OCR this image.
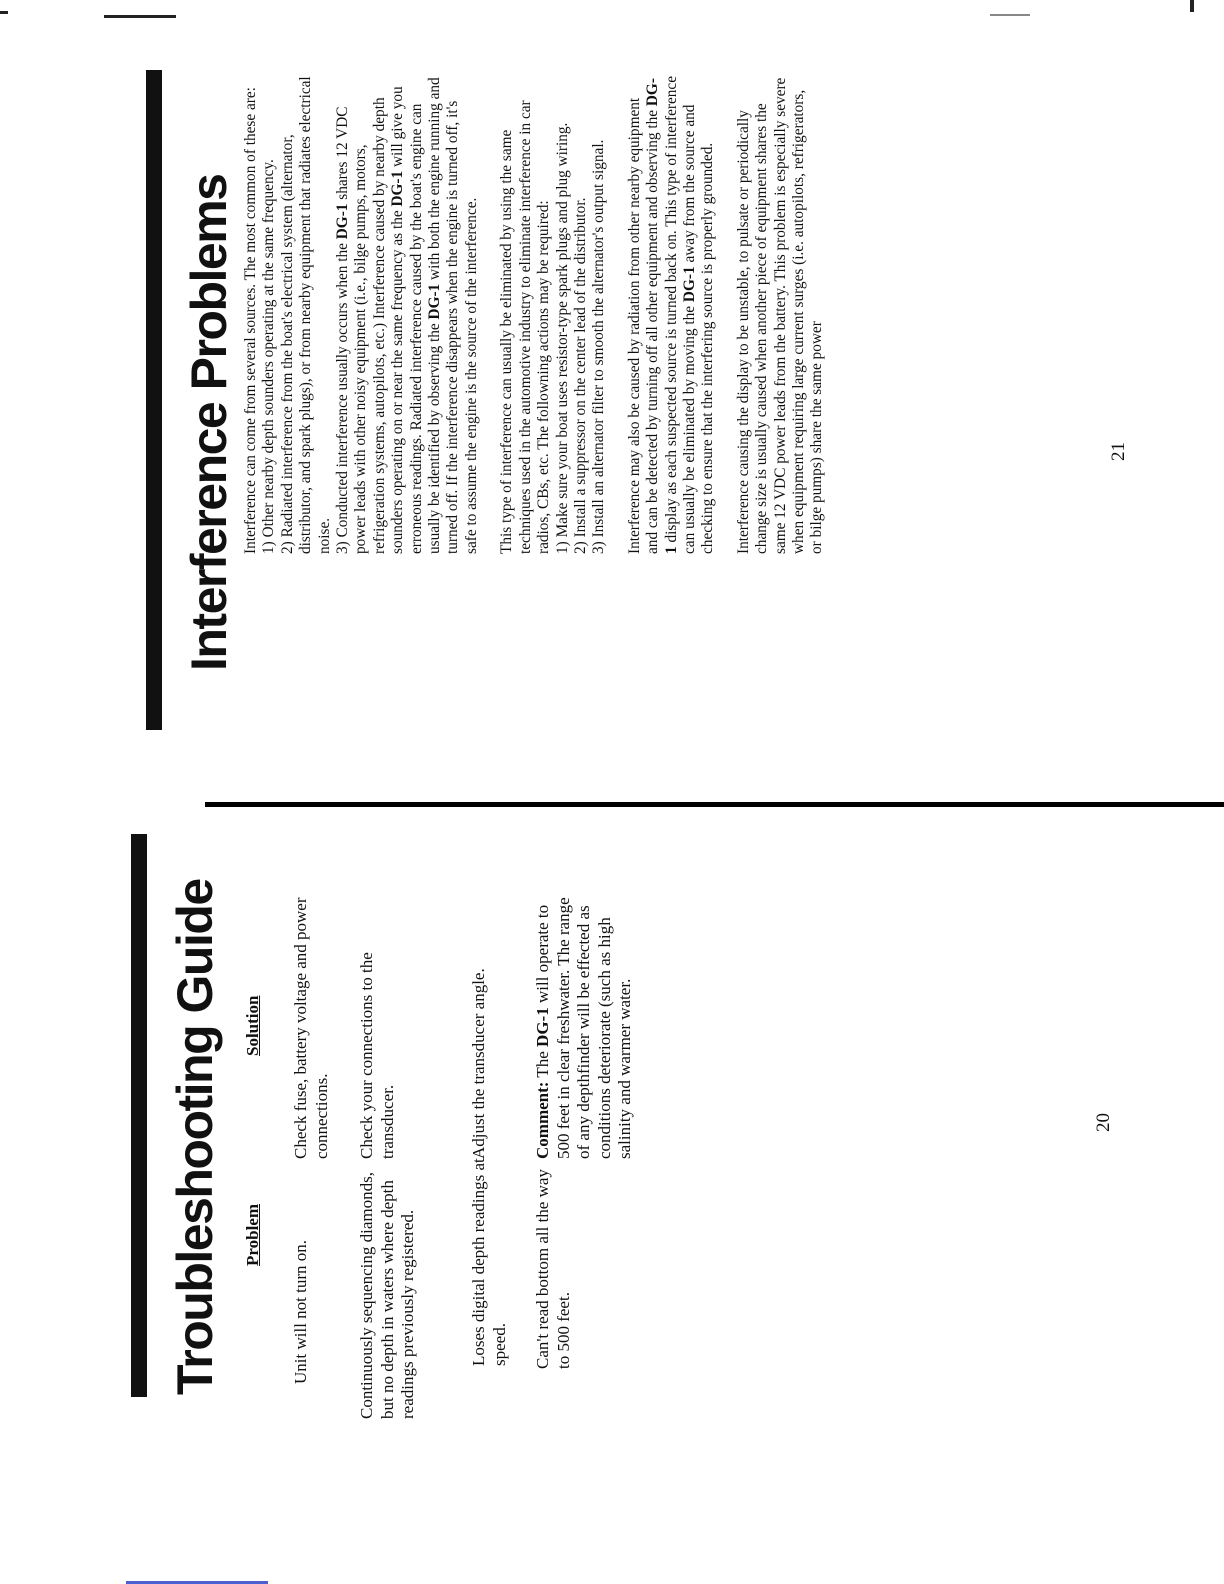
Troubleshooting Guide Problem
Solution
Unit will not turn on.
Check fuse, battery voltage and power connections.
Continuously sequencing diamonds, but no depth in waters where depth readings previously registered.
Check your connections to the transducer.
Loses digital depth readings at speed.
Adjust the transducer angle.
Can't read bottom all the way to 500 feet.
Comment: The DG-1 will operate to 500 feet in clear freshwater. The range of any depthfinder will be effected as conditions deteriorate (such as high salinity and warmer water.	20
Interference Problems Interference can come from several sources. The most common of these are: 1) Other nearby depth sounders operating at the same frequency. 2) Radiated interference from the boat's electrical system (alternator, distributor, and spark plugs), or from nearby equipment that radiates electrical noise. 3) Conducted interference usually occurs when the DG-1 shares 12 VDC power leads with other noisy equipment (i.e., bilge pumps, motors, refrigeration systems, autopilots, etc.) Interference caused by nearby depth sounders operating on or near the same frequency as the DG-1 will give you erroneous readings. Radiated interference caused by the boat's engine can usually be identified by observing the DG-1 with both the engine running and turned off. If the interference disappears when the engine is turned off, it's safe to assume the engine is the source of the interference. This type of interference can usually be eliminated by using the same techniques used in the automotive industry to eliminate interference in car radios, CBs, etc. The followning actions may be required: 1) Make sure your boat uses resistor-type spark plugs and plug wiring. 2) Install a suppressor on the center lead of the distributor. 3) Install an alternator filter to smooth the alternator's output signal. Interference may also be caused by radiation from other nearby equipment and can be detected by turning off all other equipment and observing the DG-1 display as each suspected source is turned back on. This type of interference can usually be eliminated by moving the DG-1 away from the source and checking to ensure that the interfering source is properly grounded. Interference causing the display to be unstable, to pulsate or periodically change size is usually caused when another piece of equipment shares the same 12 VDC power leads from the battery. This problem is especially severe when equipment requiring large current surges (i.e. autopilots, refrigerators, or bilge pumps) share the same power	21
